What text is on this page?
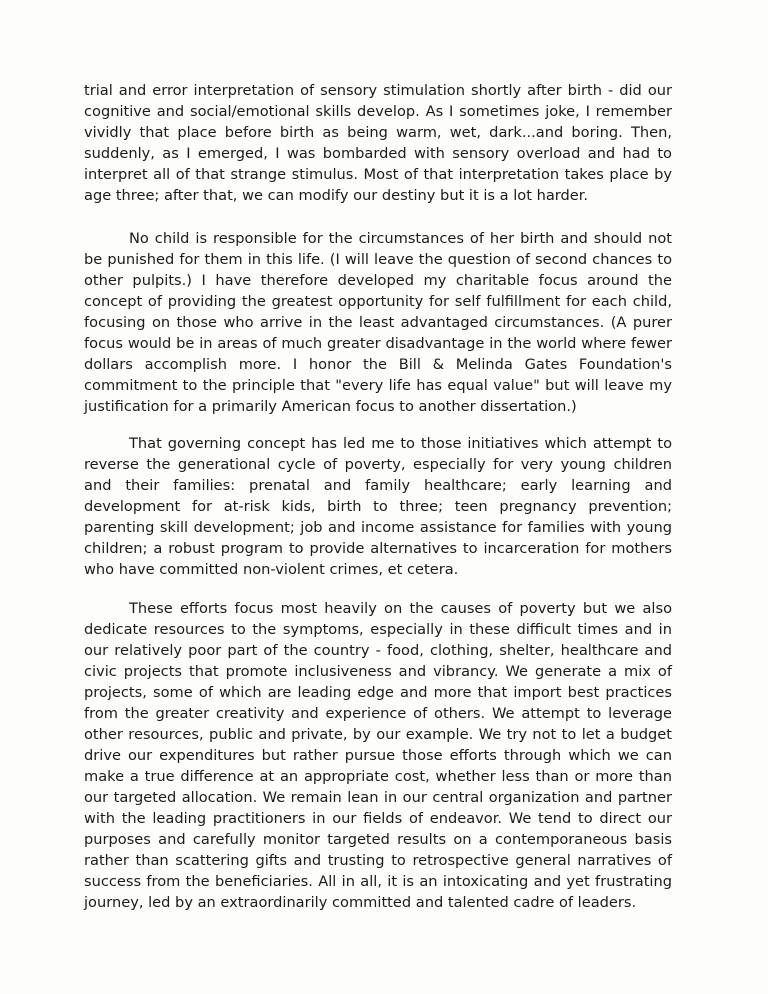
trial and error interpretation of sensory stimulation shortly after birth - did our cognitive and social/emotional skills develop. As I sometimes joke, I remember vividly that place before birth as being warm, wet, dark...and boring. Then, suddenly, as I emerged, I was bombarded with sensory overload and had to interpret all of that strange stimulus. Most of that interpretation takes place by age three; after that, we can modify our destiny but it is a lot harder.

No child is responsible for the circumstances of her birth and should not be punished for them in this life. (I will leave the question of second chances to other pulpits.) I have therefore developed my charitable focus around the concept of providing the greatest opportunity for self fulfillment for each child, focusing on those who arrive in the least advantaged circumstances. (A purer focus would be in areas of much greater disadvantage in the world where fewer dollars accomplish more. I honor the Bill & Melinda Gates Foundation's commitment to the principle that "every life has equal value" but will leave my justification for a primarily American focus to another dissertation.)

That governing concept has led me to those initiatives which attempt to reverse the generational cycle of poverty, especially for very young children and their families: prenatal and family healthcare; early learning and development for at-risk kids, birth to three; teen pregnancy prevention; parenting skill development; job and income assistance for families with young children; a robust program to provide alternatives to incarceration for mothers who have committed non-violent crimes, et cetera.

These efforts focus most heavily on the causes of poverty but we also dedicate resources to the symptoms, especially in these difficult times and in our relatively poor part of the country - food, clothing, shelter, healthcare and civic projects that promote inclusiveness and vibrancy. We generate a mix of projects, some of which are leading edge and more that import best practices from the greater creativity and experience of others. We attempt to leverage other resources, public and private, by our example. We try not to let a budget drive our expenditures but rather pursue those efforts through which we can make a true difference at an appropriate cost, whether less than or more than our targeted allocation. We remain lean in our central organization and partner with the leading practitioners in our fields of endeavor. We tend to direct our purposes and carefully monitor targeted results on a contemporaneous basis rather than scattering gifts and trusting to retrospective general narratives of success from the beneficiaries. All in all, it is an intoxicating and yet frustrating journey, led by an extraordinarily committed and talented cadre of leaders.
